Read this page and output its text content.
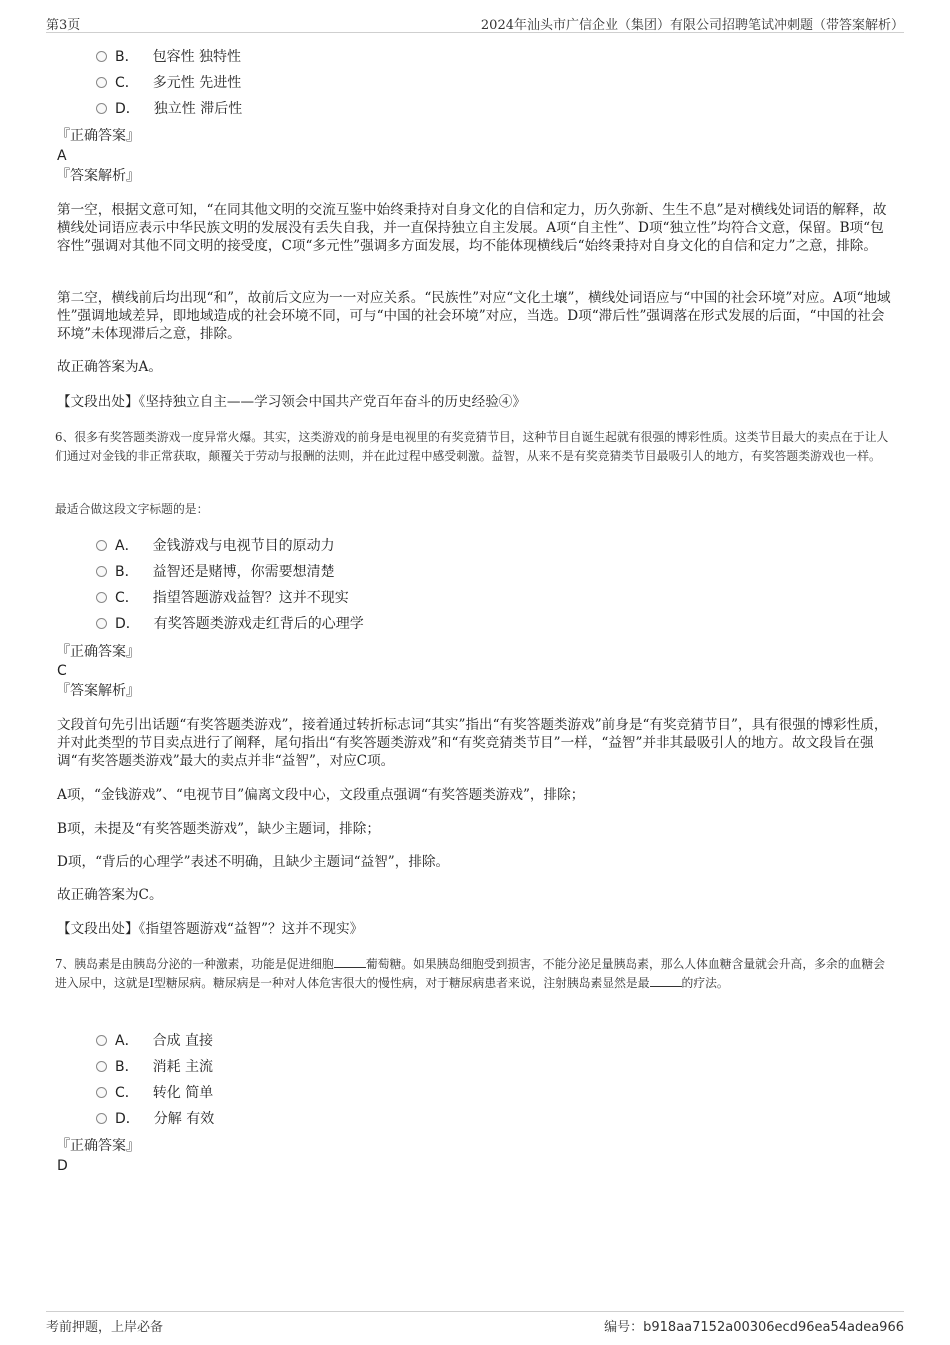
第3页	2024年汕头市广信企业（集团）有限公司招聘笔试冲刺题（带答案解析）
B． 包容性 独特性
C． 多元性 先进性
D． 独立性 滞后性
『正确答案』
A
『答案解析』
第一空，根据文意可知，“在同其他文明的交流互鉴中始终秉持对自身文化的自信和定力，历久弥新、生生不息”是对横线处词语的解释，故横线处词语应表示中华民族文明的发展没有丢失自我，并一直保持独立自主发展。A项“自主性”、D项“独立性”均符合文意，保留。B项“包容性”强调对其他不同文明的接受度，C项“多元性”强调多方面发展，均不能体现横线后“始终秉持对自身文化的自信和定力”之意，排除。
第二空，横线前后均出现“和”，故前后文应为一一对应关系。“民族性”对应“文化土壤”，横线处词语应与“中国的社会环境”对应。A项“地域性”强调地域差异，即地域造成的社会环境不同，可与“中国的社会环境”对应，当选。D项“滞后性”强调落在形式发展的后面，“中国的社会环境”未体现滞后之意，排除。
故正确答案为A。
【文段出处】《坚持独立自主——学习领会中国共产党百年奋斗的历史经验④》
6、很多有奖答题类游戏一度异常火爆。其实，这类游戏的前身是电视里的有奖竞猜节目，这种节目自诞生起就有很强的博彩性质。这类节目最大的卖点在于让人们通过对金钱的非正常获取，颠覆关于劳动与报酬的法则，并在此过程中感受刺激。益智，从来不是有奖竞猜类节目最吸引人的地方，有奖答题类游戏也一样。
最适合做这段文字标题的是：
A． 金钱游戏与电视节目的原动力
B． 益智还是赌博，你需要想清楚
C． 指望答题游戏益智？这并不现实
D． 有奖答题类游戏走红背后的心理学
『正确答案』
C
『答案解析』
文段首句先引出话题“有奖答题类游戏”，接着通过转折标志词“其实”指出“有奖答题类游戏”前身是“有奖竞猜节目”，具有很强的博彩性质，并对此类型的节目卖点进行了阐释，尾句指出“有奖答题类游戏”和“有奖竞猜类节目”一样，“益智”并非其最吸引人的地方。故文段旨在强调“有奖答题类游戏”最大的卖点并非“益智”，对应C项。
A项，“金钱游戏”、“电视节目”偏离文段中心，文段重点强调“有奖答题类游戏”，排除；
B项，未提及“有奖答题类游戏”，缺少主题词，排除；
D项，“背后的心理学”表述不明确，且缺少主题词“益智”，排除。
故正确答案为C。
【文段出处】《指望答题游戏“益智”？这并不现实》
7、胰岛素是由胰岛分泌的一种激素，功能是促进细胞	葡萄糖。如果胰岛细胞受到损害，不能分泌足量胰岛素，那么人体血糖含量就会升高，多余的血糖会进入尿中，这就是I型糖尿病。糖尿病是一种对人体危害很大的慢性病，对于糖尿病患者来说，注射胰岛素显然是最	的疗法。
A． 合成 直接
B． 消耗 主流
C． 转化 简单
D． 分解 有效
『正确答案』
D
考前押题，上岸必备	编号：b918aa7152a00306ecd96ea54adea966
